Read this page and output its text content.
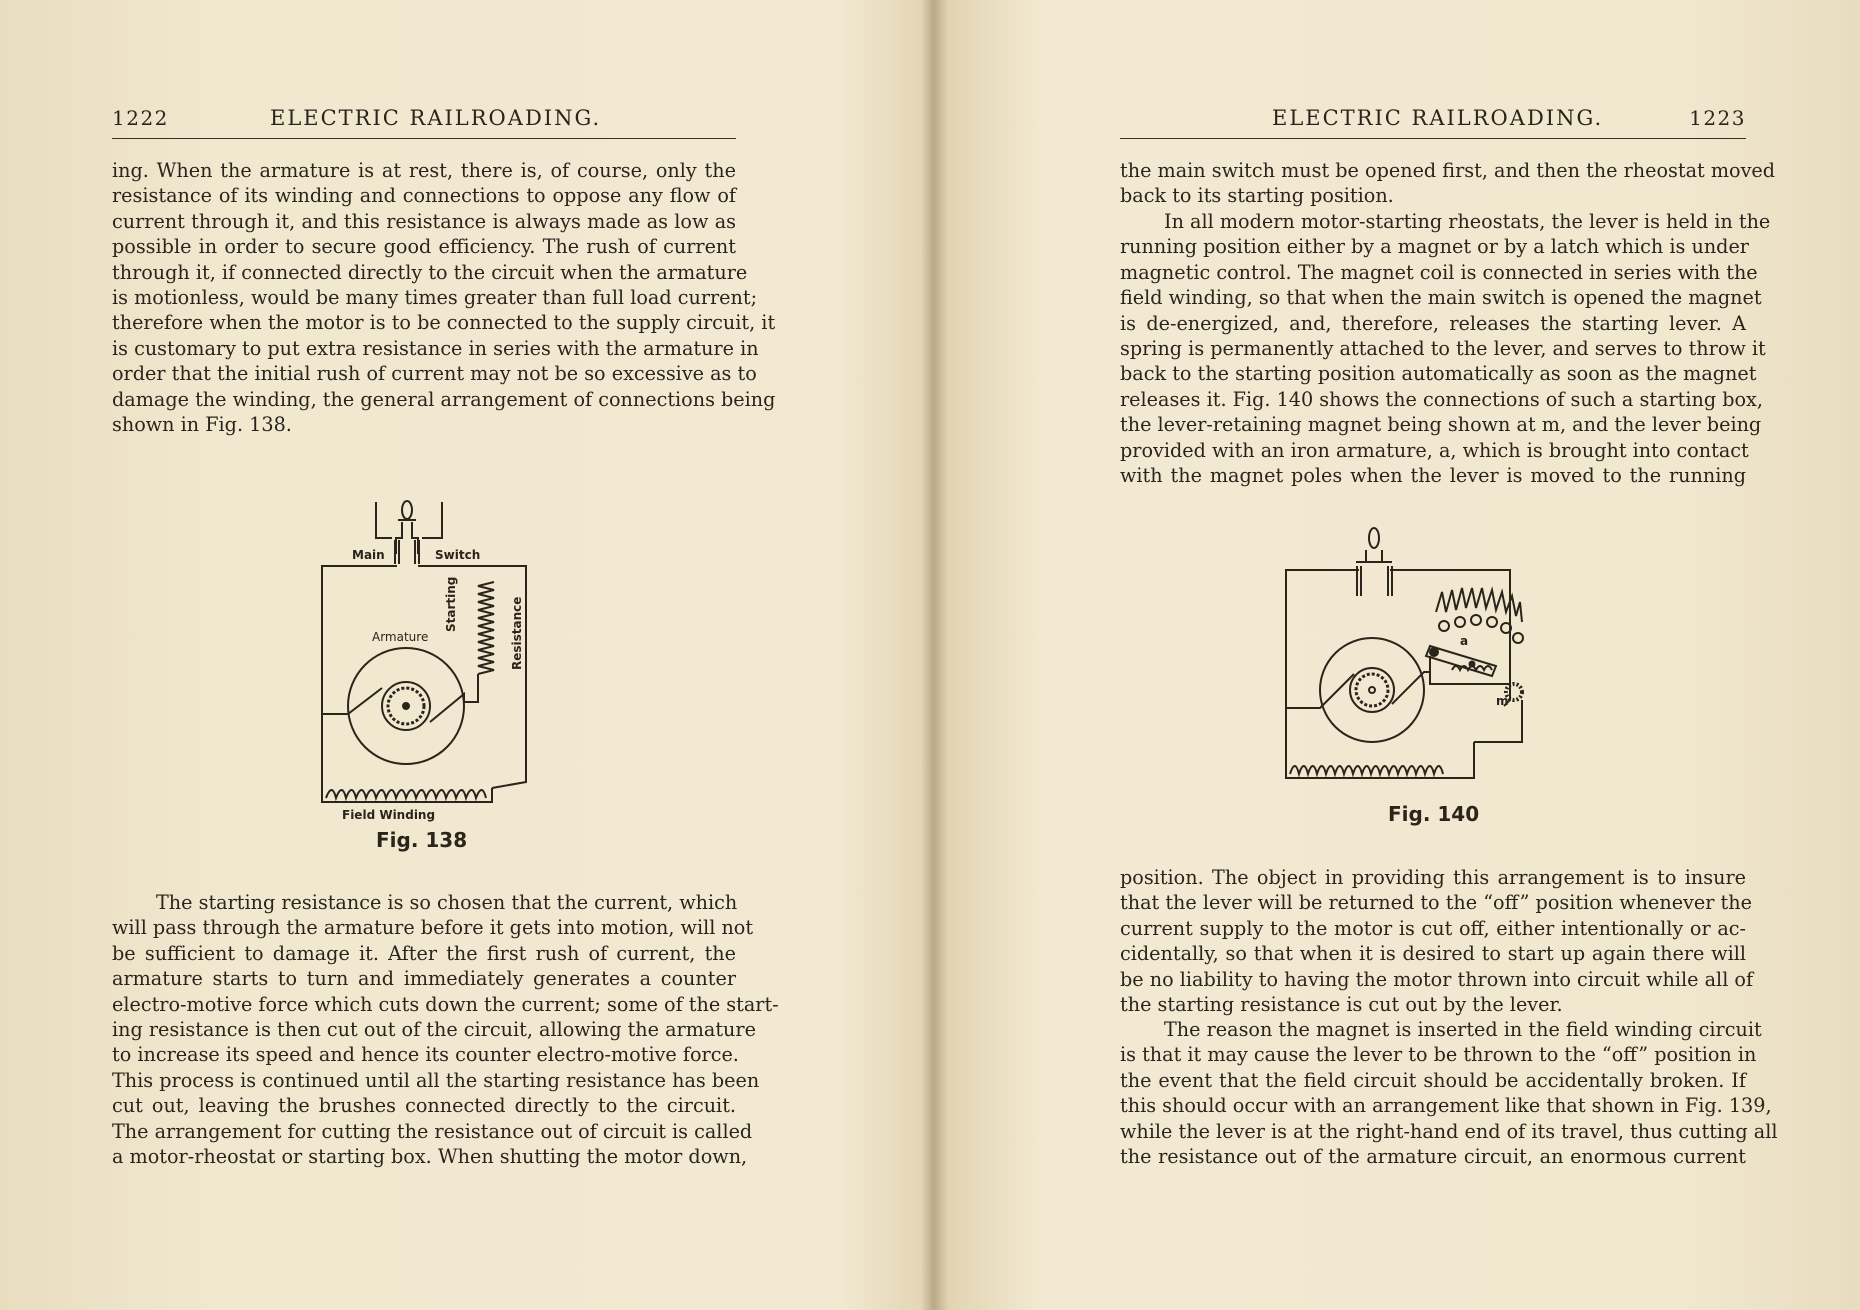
1222	ELECTRIC RAILROADING.
ing. When the armature is at rest, there is, of course, only the
resistance of its winding and connections to oppose any flow of
current through it, and this resistance is always made as low as
possible in order to secure good efficiency. The rush of current
through it, if connected directly to the circuit when the armature
is motionless, would be many times greater than full load current;
therefore when the motor is to be connected to the supply circuit, it
is customary to put extra resistance in series with the armature in
order that the initial rush of current may not be so excessive as to
damage the winding, the general arrangement of connections being
shown in Fig. 138.
Main	Switch
Armature
Starting	Resistance
Field Winding
Fig. 138
The starting resistance is so chosen that the current, which
will pass through the armature before it gets into motion, will not
be sufficient to damage it. After the first rush of current, the
armature starts to turn and immediately generates a counter
electro-motive force which cuts down the current; some of the start-
ing resistance is then cut out of the circuit, allowing the armature
to increase its speed and hence its counter electro-motive force.
This process is continued until all the starting resistance has been
cut out, leaving the brushes connected directly to the circuit.
The arrangement for cutting the resistance out of circuit is called
a motor-rheostat or starting box. When shutting the motor down,
ELECTRIC RAILROADING.	1223
the main switch must be opened first, and then the rheostat moved
back to its starting position.
In all modern motor-starting rheostats, the lever is held in the
running position either by a magnet or by a latch which is under
magnetic control. The magnet coil is connected in series with the
field winding, so that when the main switch is opened the magnet
is de-energized, and, therefore, releases the starting lever. A
spring is permanently attached to the lever, and serves to throw it
back to the starting position automatically as soon as the magnet
releases it. Fig. 140 shows the connections of such a starting box,
the lever-retaining magnet being shown at m, and the lever being
provided with an iron armature, a, which is brought into contact
with the magnet poles when the lever is moved to the running
a
m
Fig. 140
position. The object in providing this arrangement is to insure
that the lever will be returned to the “off” position whenever the
current supply to the motor is cut off, either intentionally or ac-
cidentally, so that when it is desired to start up again there will
be no liability to having the motor thrown into circuit while all of
the starting resistance is cut out by the lever.
The reason the magnet is inserted in the field winding circuit
is that it may cause the lever to be thrown to the “off” position in
the event that the field circuit should be accidentally broken. If
this should occur with an arrangement like that shown in Fig. 139,
while the lever is at the right-hand end of its travel, thus cutting all
the resistance out of the armature circuit, an enormous current
